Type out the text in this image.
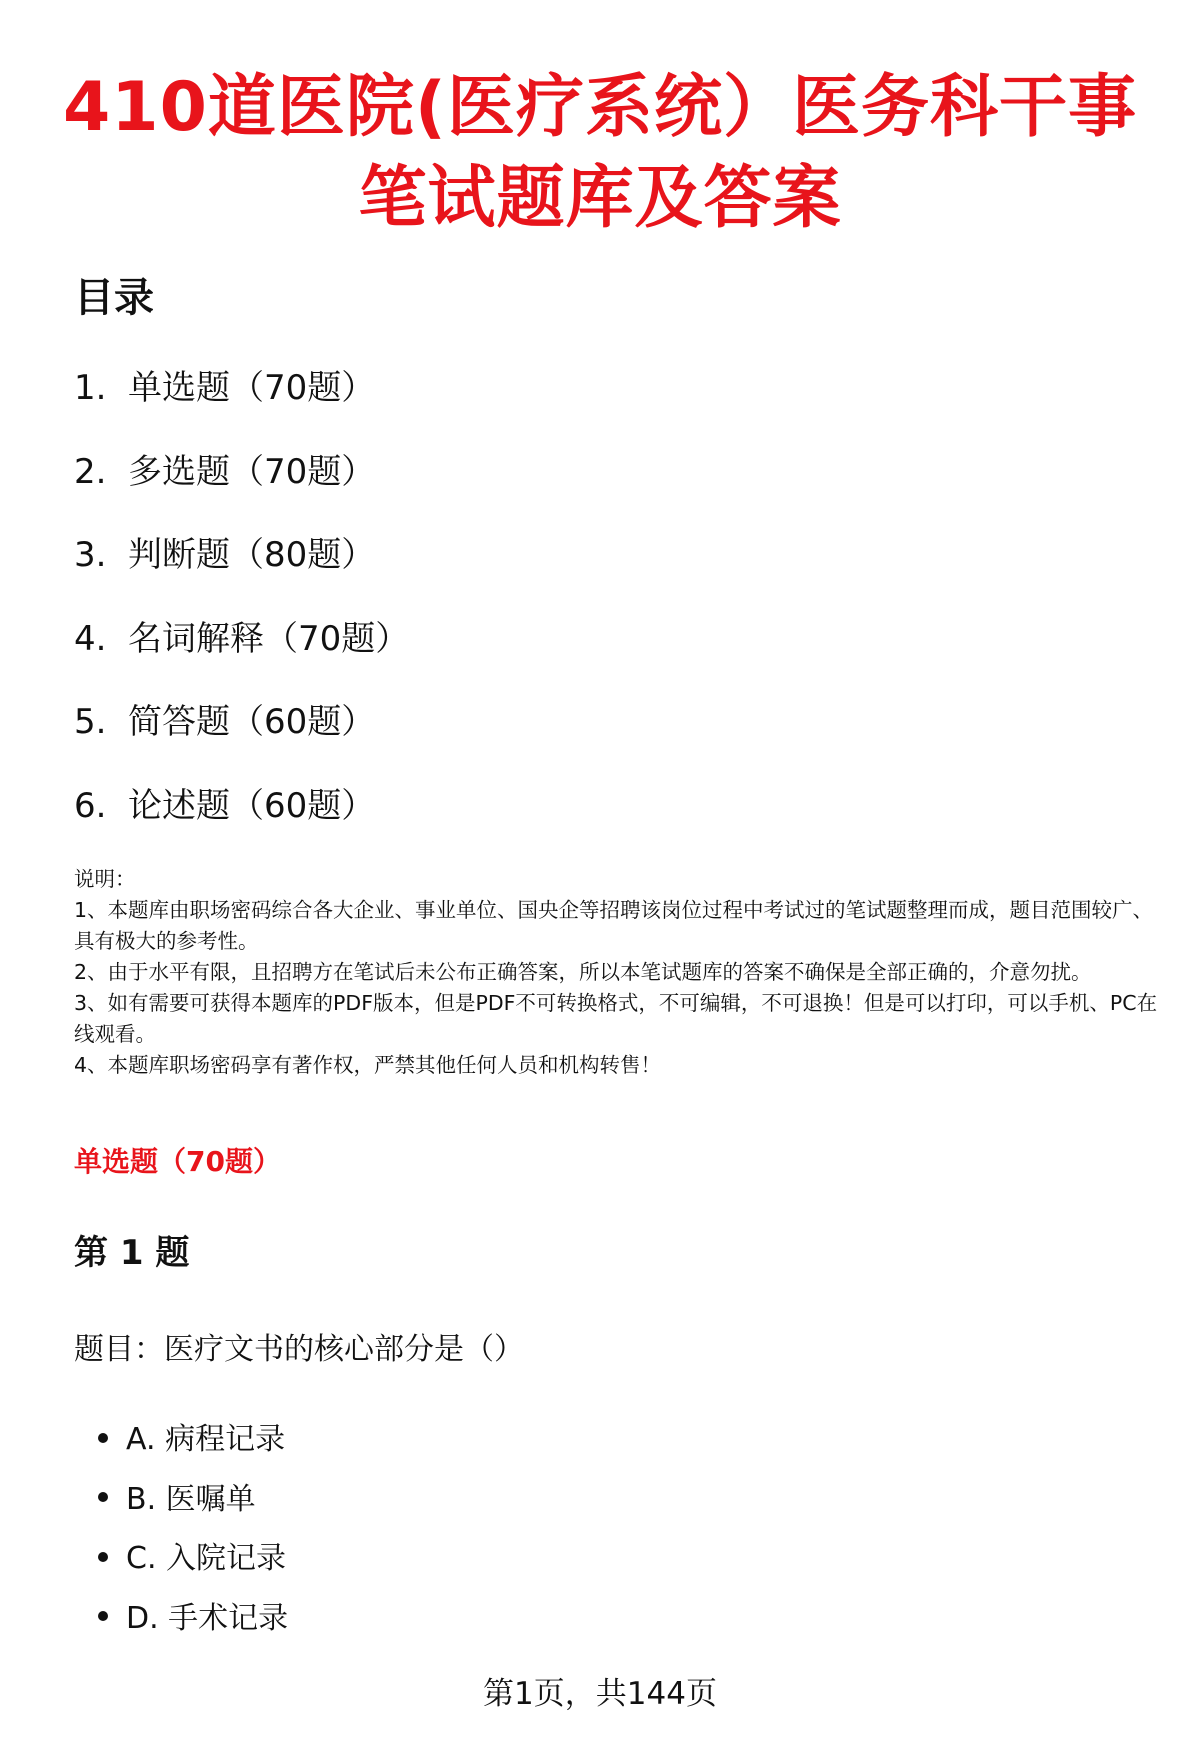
410道医院(医疗系统）医务科干事
笔试题库及答案
目录
1. 单选题（70题）
2. 多选题（70题）
3. 判断题（80题）
4. 名词解释（70题）
5. 简答题（60题）
6. 论述题（60题）

说明：

1、本题库由职场密码综合各大企业、事业单位、国央企等招聘该岗位过程中考试过的笔试题整理而成，题目范围较广、具有极大的参考性。

2、由于水平有限，且招聘方在笔试后未公布正确答案，所以本笔试题库的答案不确保是全部正确的，介意勿扰。

3、如有需要可获得本题库的PDF版本，但是PDF不可转换格式，不可编辑，不可退换！但是可以打印，可以手机、PC在线观看。

4、本题库职场密码享有著作权，严禁其他任何人员和机构转售！

单选题（70题）
第 1 题
题目：医疗文书的核心部分是（）
A. 病程记录
B. 医嘱单
C. 入院记录
D. 手术记录
第1页，共144页
